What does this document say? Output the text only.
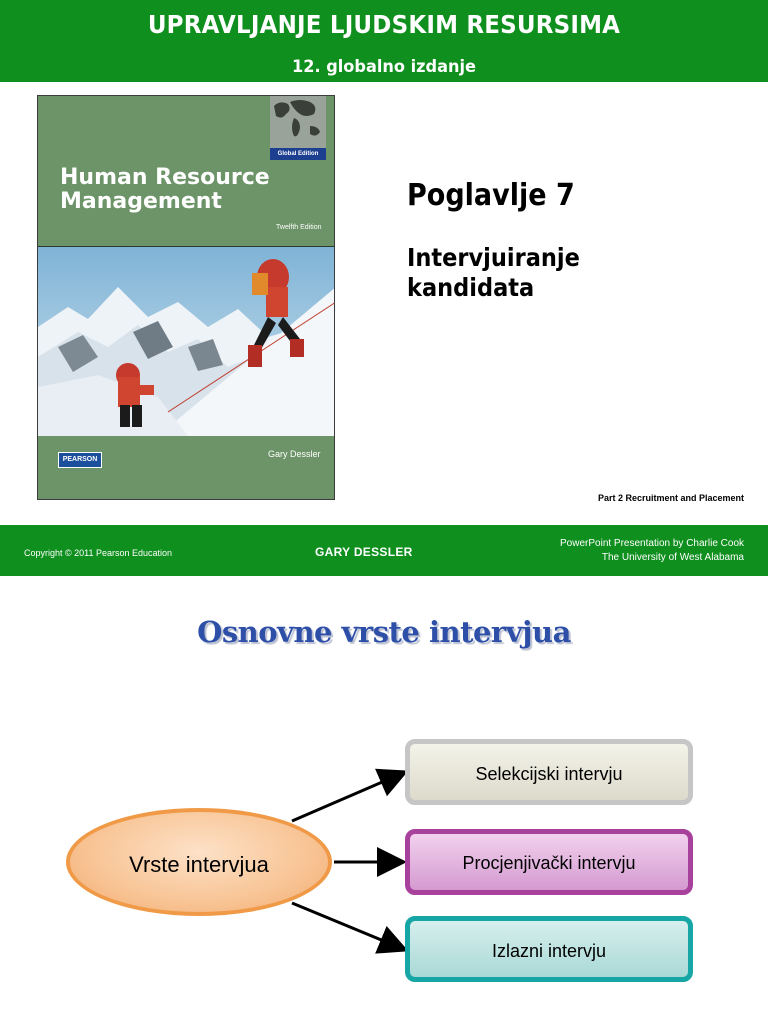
UPRAVLJANJE LJUDSKIM RESURSIMA
12. globalno izdanje
Global Edition
Human Resource
Management
Twelfth Edition
PEARSON
Gary Dessler
Poglavlje 7
Intervjuiranje kandidata
Part 2 Recruitment and Placement
Copyright © 2011 Pearson Education	GARY DESSLER
PowerPoint Presentation by Charlie Cook
The University of West Alabama
Osnovne vrste intervjua
Vrste intervjua
Selekcijski intervju
Procjenjivački intervju
Izlazni intervju
